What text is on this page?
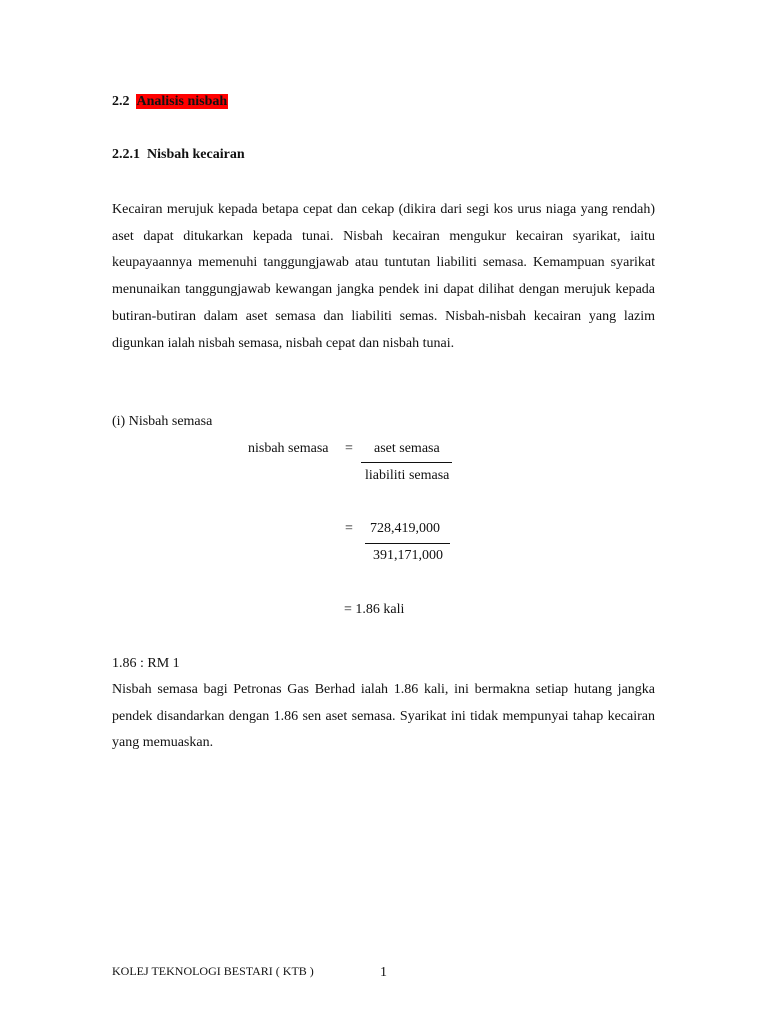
2.2 Analisis nisbah
2.2.1 Nisbah kecairan
Kecairan merujuk kepada betapa cepat dan cekap (dikira dari segi kos urus niaga yang rendah) aset dapat ditukarkan kepada tunai. Nisbah kecairan mengukur kecairan syarikat, iaitu keupayaannya memenuhi tanggungjawab atau tuntutan liabiliti semasa. Kemampuan syarikat menunaikan tanggungjawab kewangan jangka pendek ini dapat dilihat dengan merujuk kepada butiran-butiran dalam aset semasa dan liabiliti semas. Nisbah-nisbah kecairan yang lazim digunkan ialah nisbah semasa, nisbah cepat dan nisbah tunai.
(i) Nisbah semasa
nisbah semasa = aset semasa
liabiliti semasa
= 728,419,000
391,171,000
= 1.86 kali
1.86 : RM 1
Nisbah semasa bagi Petronas Gas Berhad ialah 1.86 kali, ini bermakna setiap hutang jangka pendek disandarkan dengan 1.86 sen aset semasa. Syarikat ini tidak mempunyai tahap kecairan yang memuaskan.
KOLEJ TEKNOLOGI BESTARI ( KTB )	1
